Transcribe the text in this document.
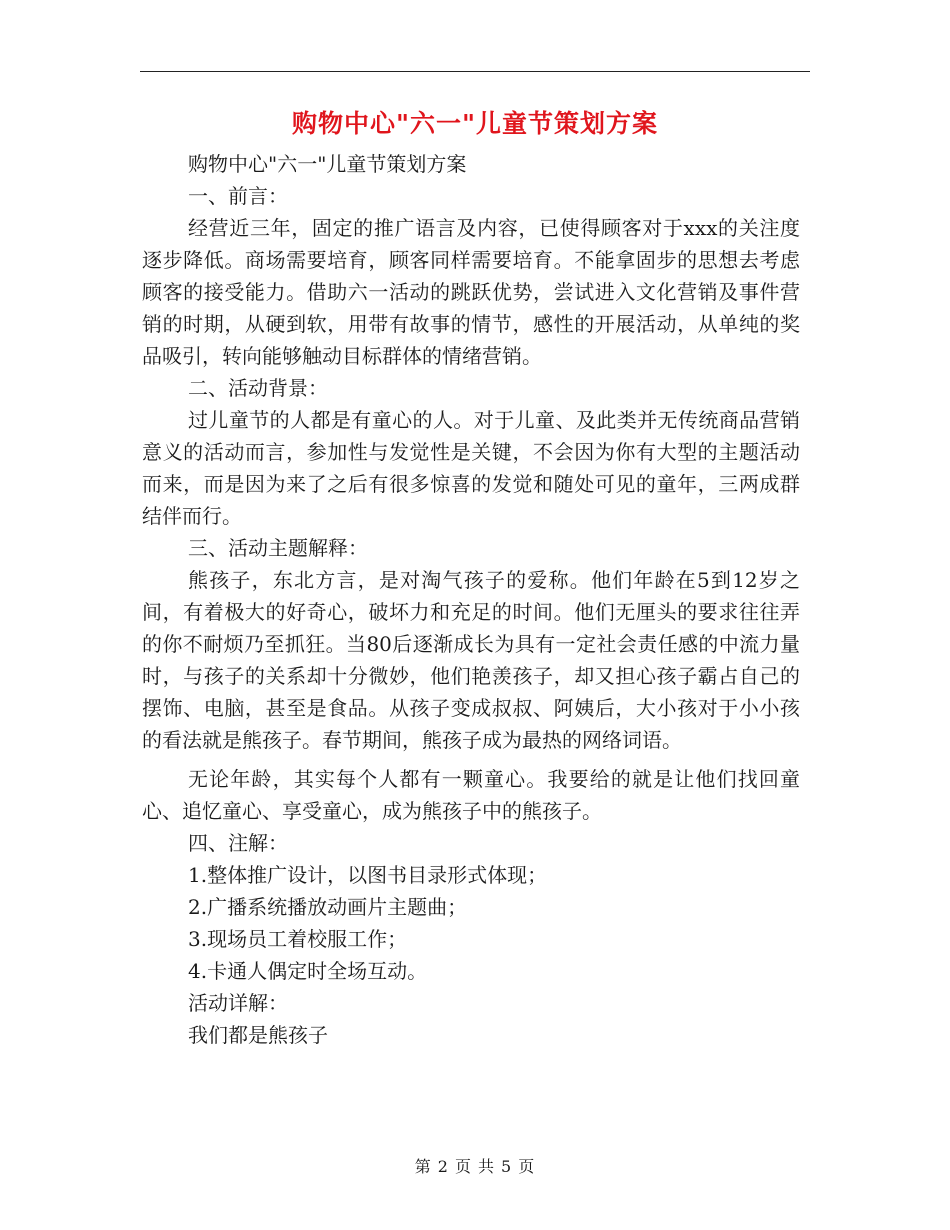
购物中心"六一"儿童节策划方案

购物中心"六一"儿童节策划方案

一、前言：

经营近三年，固定的推广语言及内容，已使得顾客对于xxx的关注度逐步降低。商场需要培育，顾客同样需要培育。不能拿固步的思想去考虑顾客的接受能力。借助六一活动的跳跃优势，尝试进入文化营销及事件营销的时期，从硬到软，用带有故事的情节，感性的开展活动，从单纯的奖品吸引，转向能够触动目标群体的情绪营销。

二、活动背景：

过儿童节的人都是有童心的人。对于儿童、及此类并无传统商品营销意义的活动而言，参加性与发觉性是关键，不会因为你有大型的主题活动而来，而是因为来了之后有很多惊喜的发觉和随处可见的童年，三两成群结伴而行。

三、活动主题解释：

熊孩子，东北方言，是对淘气孩子的爱称。他们年龄在5到12岁之间，有着极大的好奇心，破坏力和充足的时间。他们无厘头的要求往往弄的你不耐烦乃至抓狂。当80后逐渐成长为具有一定社会责任感的中流力量时，与孩子的关系却十分微妙，他们艳羡孩子，却又担心孩子霸占自己的摆饰、电脑，甚至是食品。从孩子变成叔叔、阿姨后，大小孩对于小小孩的看法就是熊孩子。春节期间，熊孩子成为最热的网络词语。

无论年龄，其实每个人都有一颗童心。我要给的就是让他们找回童心、追忆童心、享受童心，成为熊孩子中的熊孩子。

四、注解：

1.整体推广设计，以图书目录形式体现；

2.广播系统播放动画片主题曲；

3.现场员工着校服工作；

4.卡通人偶定时全场互动。

活动详解：

我们都是熊孩子

第 2 页 共 5 页
